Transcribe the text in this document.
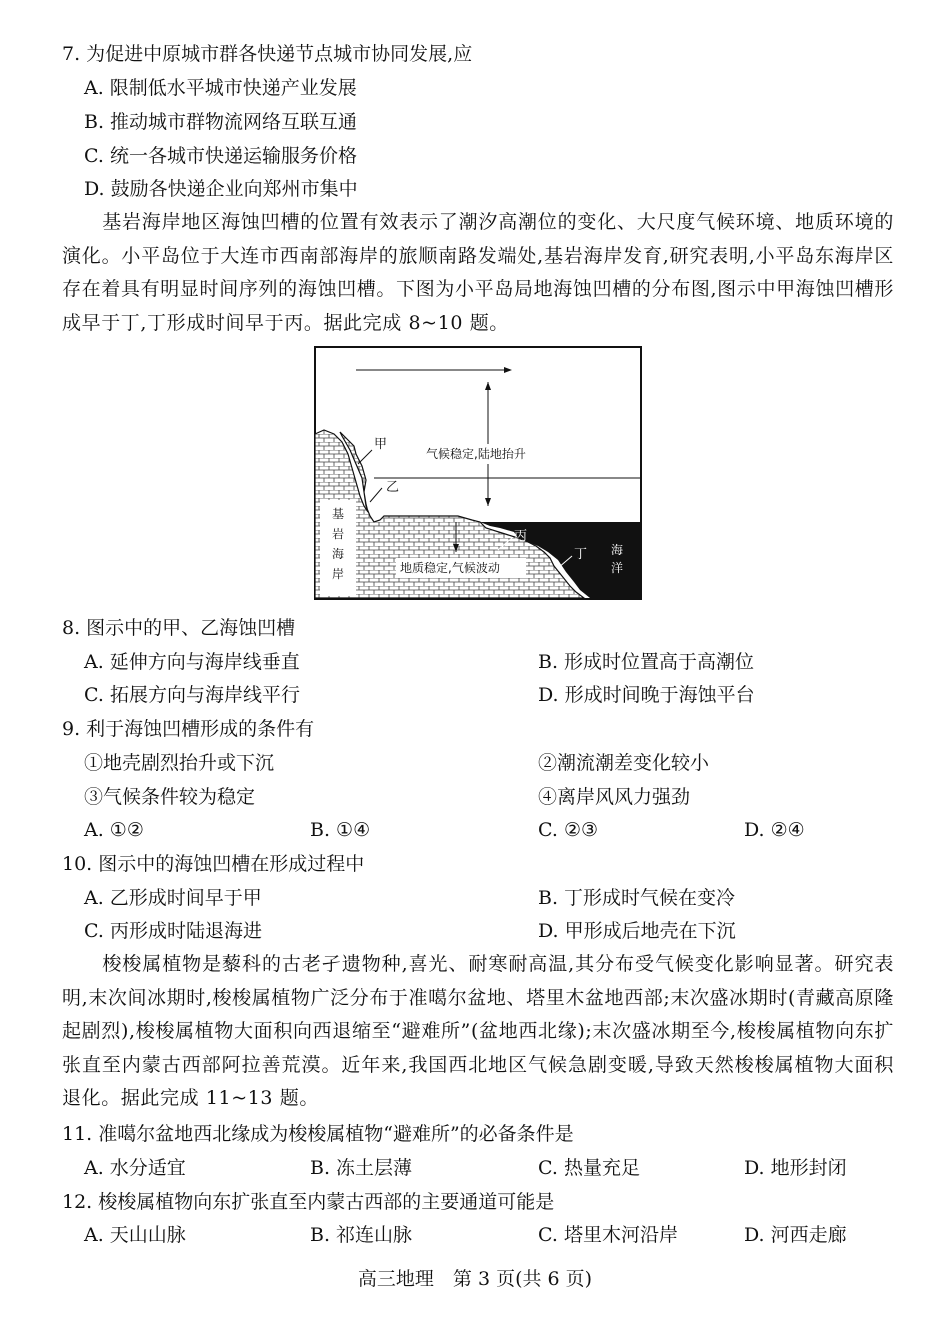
7. 为促进中原城市群各快递节点城市协同发展,应
A. 限制低水平城市快递产业发展
B. 推动城市群物流网络互联互通
C. 统一各城市快递运输服务价格
D. 鼓励各快递企业向郑州市集中
基岩海岸地区海蚀凹槽的位置有效表示了潮汐高潮位的变化、大尺度气候环境、地质环境的演化。小平岛位于大连市西南部海岸的旅顺南路发端处,基岩海岸发育,研究表明,小平岛东海岸区存在着具有明显时间序列的海蚀凹槽。下图为小平岛局地海蚀凹槽的分布图,图示中甲海蚀凹槽形成早于丁,丁形成时间早于丙。据此完成 8~10 题。
基
岩
海
岸
气候稳定,陆地抬升
地质稳定,气候波动
甲
乙
丙
丁 海
洋
8. 图示中的甲、乙海蚀凹槽
A. 延伸方向与海岸线垂直	B. 形成时位置高于高潮位
C. 拓展方向与海岸线平行	D. 形成时间晚于海蚀平台
9. 利于海蚀凹槽形成的条件有
①地壳剧烈抬升或下沉	②潮流潮差变化较小
③气候条件较为稳定	④离岸风风力强劲
A. ①②	B. ①④	C. ②③	D. ②④
10. 图示中的海蚀凹槽在形成过程中
A. 乙形成时间早于甲	B. 丁形成时气候在变冷
C. 丙形成时陆退海进	D. 甲形成后地壳在下沉
梭梭属植物是藜科的古老孑遗物种,喜光、耐寒耐高温,其分布受气候变化影响显著。研究表明,末次间冰期时,梭梭属植物广泛分布于准噶尔盆地、塔里木盆地西部;末次盛冰期时(青藏高原隆起剧烈),梭梭属植物大面积向西退缩至“避难所”(盆地西北缘);末次盛冰期至今,梭梭属植物向东扩张直至内蒙古西部阿拉善荒漠。近年来,我国西北地区气候急剧变暖,导致天然梭梭属植物大面积退化。据此完成 11~13 题。
11. 准噶尔盆地西北缘成为梭梭属植物“避难所”的必备条件是
A. 水分适宜	B. 冻土层薄	C. 热量充足	D. 地形封闭
12. 梭梭属植物向东扩张直至内蒙古西部的主要通道可能是
A. 天山山脉	B. 祁连山脉	C. 塔里木河沿岸	D. 河西走廊
高三地理　第 3 页(共 6 页)
